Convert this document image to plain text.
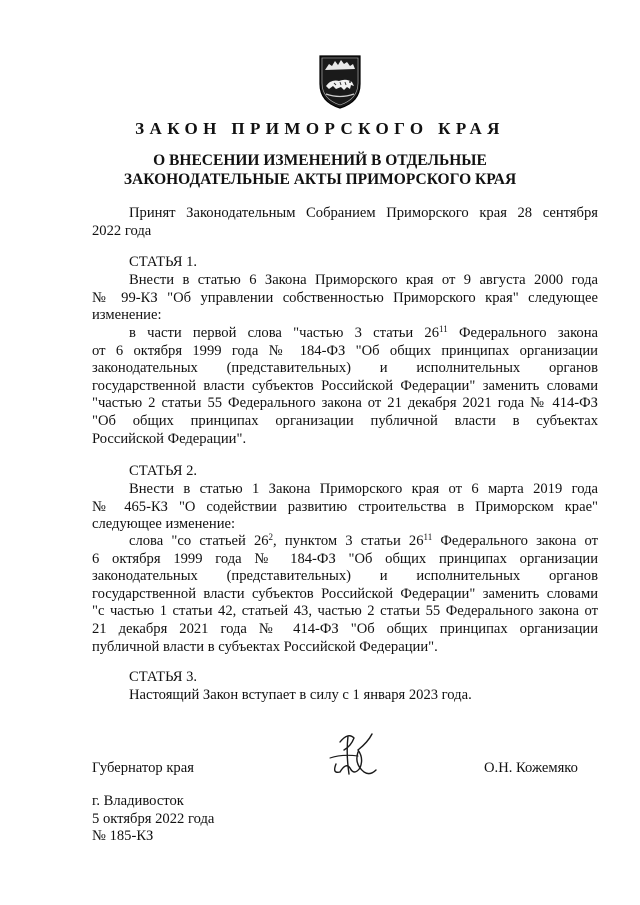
ЗАКОН ПРИМОРСКОГО КРАЯ
О ВНЕСЕНИИ ИЗМЕНЕНИЙ В ОТДЕЛЬНЫЕ
ЗАКОНОДАТЕЛЬНЫЕ АКТЫ ПРИМОРСКОГО КРАЯ
Принят Законодательным Собранием Приморского края 28 сентября
2022 года
СТАТЬЯ 1.
Внести в статью 6 Закона Приморского края от 9 августа 2000 года
№ 99-КЗ "Об управлении собственностью Приморского края" следующее
изменение:
в части первой слова "частью 3 статьи $26^{11}$ Федерального закона
от 6 октября 1999 года № 184-ФЗ "Об общих принципах организации
законодательных (представительных) и исполнительных органов
государственной власти субъектов Российской Федерации" заменить словами
"частью 2 статьи 55 Федерального закона от 21 декабря 2021 года № 414-ФЗ
"Об общих принципах организации публичной власти в субъектах
Российской Федерации".
СТАТЬЯ 2.
Внести в статью 1 Закона Приморского края от 6 марта 2019 года
№ 465-КЗ "О содействии развитию строительства в Приморском крае"
следующее изменение:
слова "со статьей $26^2$, пунктом 3 статьи $26^{11}$ Федерального закона от
6 октября 1999 года № 184-ФЗ "Об общих принципах организации
законодательных (представительных) и исполнительных органов
государственной власти субъектов Российской Федерации" заменить словами
"с частью 1 статьи 42, статьей 43, частью 2 статьи 55 Федерального закона от
21 декабря 2021 года № 414-ФЗ "Об общих принципах организации
публичной власти в субъектах Российской Федерации".
СТАТЬЯ 3.
Настоящий Закон вступает в силу с 1 января 2023 года.
Губернатор края	О.Н. Кожемяко
г. Владивосток
5 октября 2022 года
№ 185-КЗ
